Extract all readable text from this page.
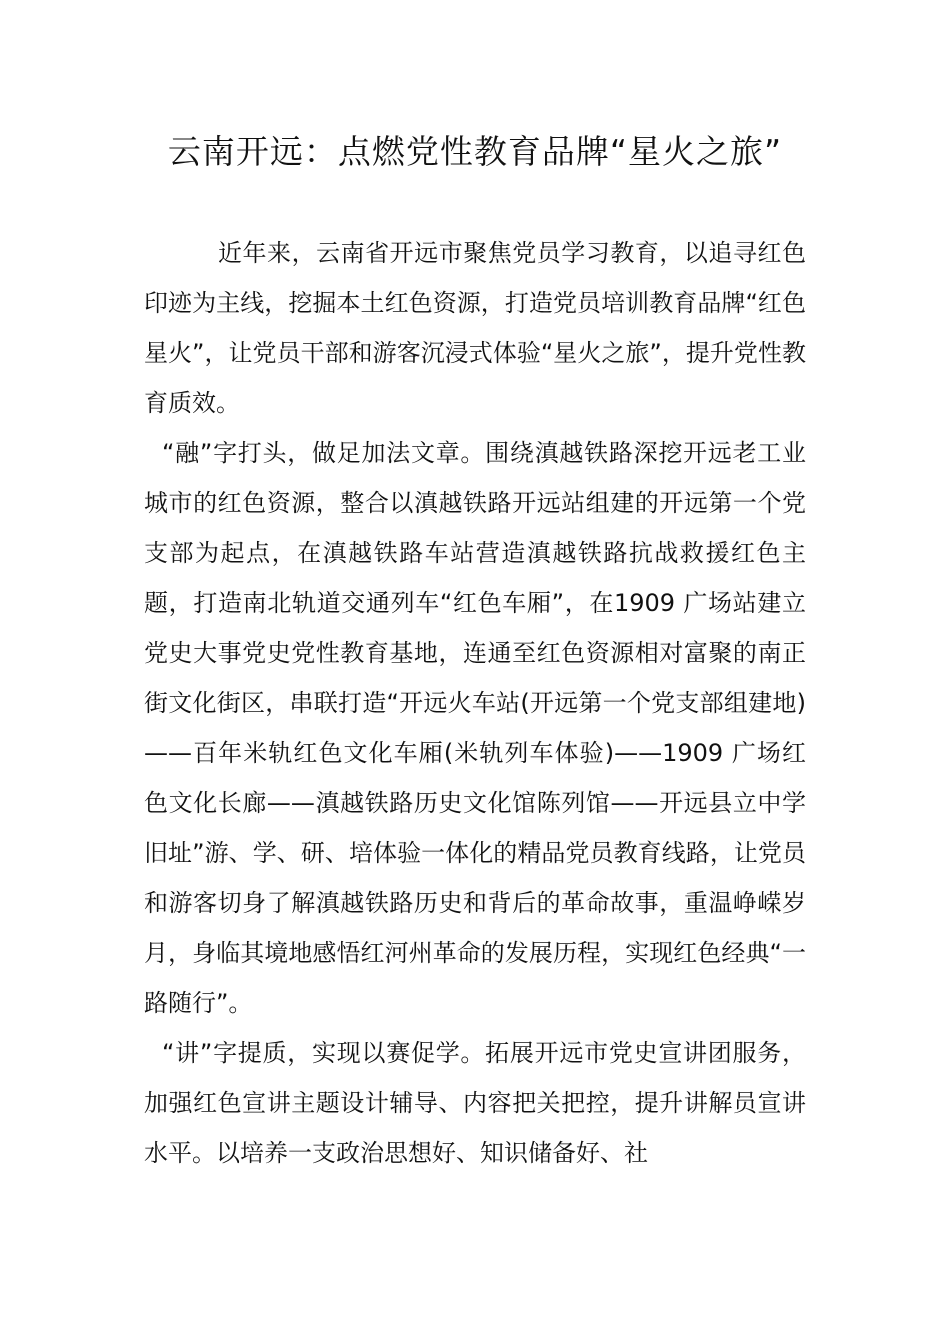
云南开远：点燃党性教育品牌“星火之旅”

近年来，云南省开远市聚焦党员学习教育，以追寻红色印迹为主线，挖掘本土红色资源，打造党员培训教育品牌“红色星火”，让党员干部和游客沉浸式体验“星火之旅”，提升党性教育质效。

“融”字打头，做足加法文章。围绕滇越铁路深挖开远老工业城市的红色资源，整合以滇越铁路开远站组建的开远第一个党支部为起点，在滇越铁路车站营造滇越铁路抗战救援红色主题，打造南北轨道交通列车“红色车厢”，在1909 广场站建立党史大事党史党性教育基地，连通至红色资源相对富聚的南正街文化街区，串联打造“开远火车站(开远第一个党支部组建地)——百年米轨红色文化车厢(米轨列车体验)——1909 广场红色文化长廊——滇越铁路历史文化馆陈列馆——开远县立中学旧址”游、学、研、培体验一体化的精品党员教育线路，让党员和游客切身了解滇越铁路历史和背后的革命故事，重温峥嵘岁月，身临其境地感悟红河州革命的发展历程，实现红色经典“一路随行”。

“讲”字提质，实现以赛促学。拓展开远市党史宣讲团服务，加强红色宣讲主题设计辅导、内容把关把控，提升讲解员宣讲水平。以培养一支政治思想好、知识储备好、社
